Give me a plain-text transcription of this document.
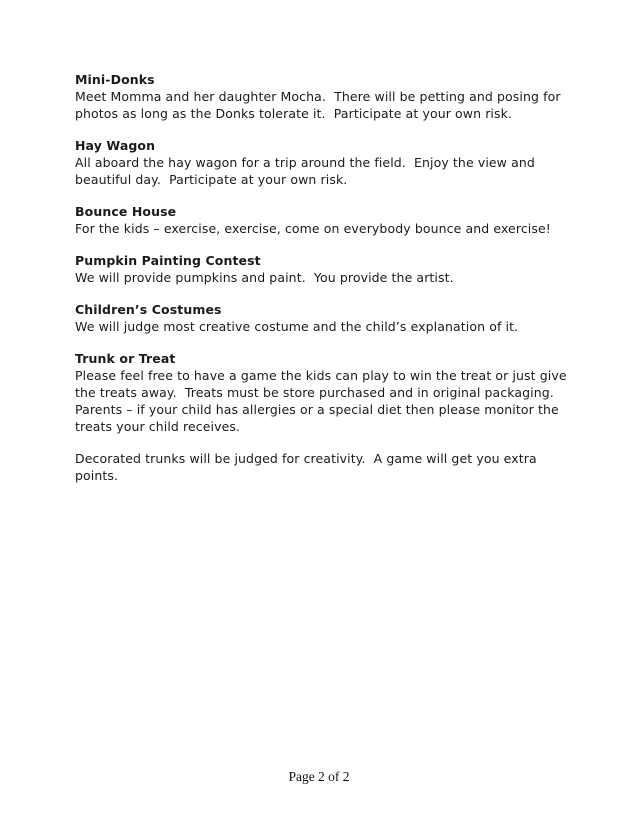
Mini-Donks

Meet Momma and her daughter Mocha.  There will be petting and posing for photos as long as the Donks tolerate it.  Participate at your own risk.

Hay Wagon

All aboard the hay wagon for a trip around the field.  Enjoy the view and beautiful day.  Participate at your own risk.

Bounce House

For the kids – exercise, exercise, come on everybody bounce and exercise!

Pumpkin Painting Contest

We will provide pumpkins and paint.  You provide the artist.

Children’s Costumes

We will judge most creative costume and the child’s explanation of it.

Trunk or Treat

Please feel free to have a game the kids can play to win the treat or just give the treats away.  Treats must be store purchased and in original packaging.  Parents – if your child has allergies or a special diet then please monitor the treats your child receives.

Decorated trunks will be judged for creativity.  A game will get you extra points.

Page 2 of 2
